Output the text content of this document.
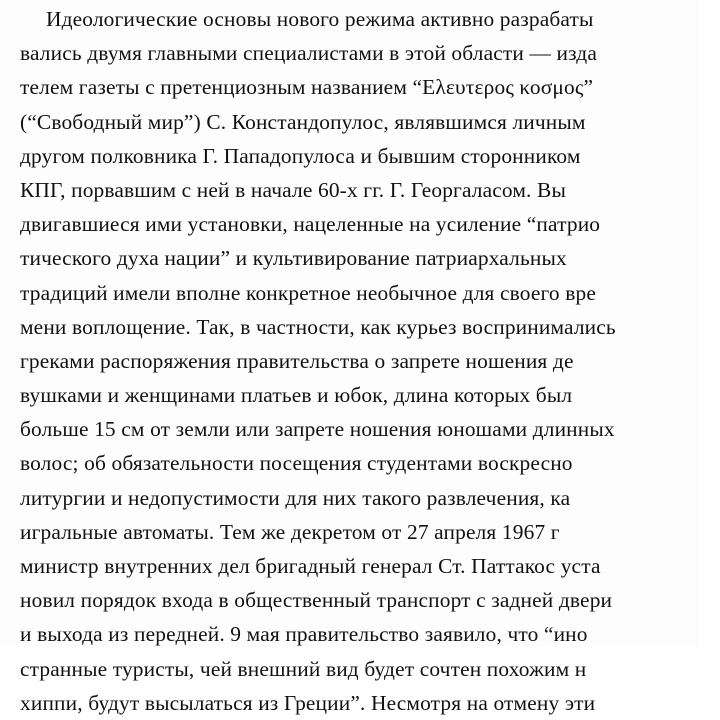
Идеологические основы нового режима активно разрабаты
вались двумя главными специалистами в этой области — изда
телем газеты с претенциозным названием “Ελευτερος κοσμος”
(“Свободный мир”) С. Констандопулос, являвшимся личным
другом полковника Г. Пападопулоса и бывшим сторонником
КПГ, порвавшим с ней в начале 60-х гг. Г. Георгаласом. Вы
двигавшиеся ими установки, нацеленные на усиление “патрио
тического духа нации” и культивирование патриархальных
традиций имели вполне конкретное необычное для своего вре
мени воплощение. Так, в частности, как курьез воспринимались
греками распоряжения правительства о запрете ношения де
вушками и женщинами платьев и юбок, длина которых был
больше 15 см от земли или запрете ношения юношами длинных
волос; об обязательности посещения студентами воскресно
литургии и недопустимости для них такого развлечения, ка
игральные автоматы. Тем же декретом от 27 апреля 1967 г
министр внутренних дел бригадный генерал Ст. Паттакос уста
новил порядок входа в общественный транспорт с задней двери
и выхода из передней. 9 мая правительство заявило, что “ино
странные туристы, чей внешний вид будет сочтен похожим н
хиппи, будут высылаться из Греции”. Несмотря на отмену эти
